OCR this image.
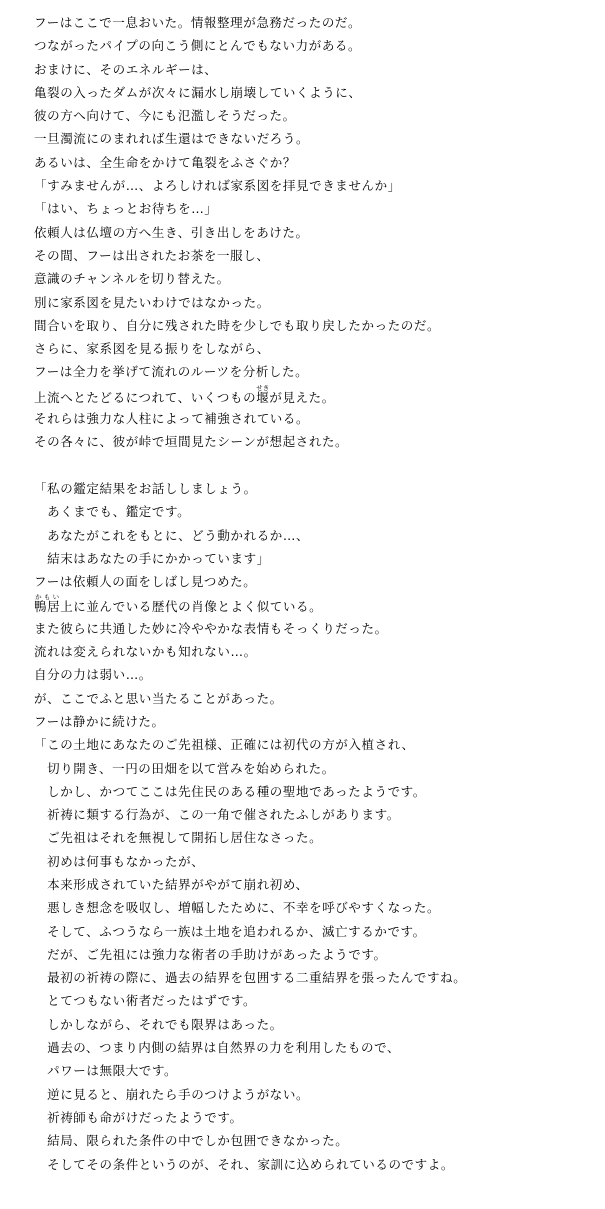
フーはここで一息おいた。情報整理が急務だったのだ。
つながったパイプの向こう側にとんでもない力がある。
おまけに、そのエネルギーは、
亀裂の入ったダムが次々に漏水し崩壊していくように、
彼の方へ向けて、今にも氾濫しそうだった。
一旦濁流にのまれれば生還はできないだろう。
あるいは、全生命をかけて亀裂をふさぐか？
「すみませんが…、よろしければ家系図を拝見できませんか」
「はい、ちょっとお待ちを…」
依頼人は仏壇の方へ生き、引き出しをあけた。
その間、フーは出されたお茶を一服し、
意識のチャンネルを切り替えた。
別に家系図を見たいわけではなかった。
間合いを取り、自分に残された時を少しでも取り戻したかったのだ。
さらに、家系図を見る振りをしながら、
フーは全力を挙げて流れのルーツを分析した。
上流へとたどるにつれて、いくつもの堰せきが見えた。
それらは強力な人柱によって補強されている。
その各々に、彼が峠で垣間見たシーンが想起された。
「私の鑑定結果をお話ししましょう。
　あくまでも、鑑定です。
　あなたがこれをもとに、どう動かれるか…、
　結末はあなたの手にかかっています」
フーは依頼人の面をしばし見つめた。
鴨居かもい上に並んでいる歴代の肖像とよく似ている。
また彼らに共通した妙に冷ややかな表情もそっくりだった。
流れは変えられないかも知れない…。
自分の力は弱い…。
が、ここでふと思い当たることがあった。
フーは静かに続けた。
「この土地にあなたのご先祖様、正確には初代の方が入植され、
　切り開き、一円の田畑を以て営みを始められた。
　しかし、かつてここは先住民のある種の聖地であったようです。
　祈祷に類する行為が、この一角で催されたふしがあります。
　ご先祖はそれを無視して開拓し居住なさった。
　初めは何事もなかったが、
　本来形成されていた結界がやがて崩れ初め、
　悪しき想念を吸収し、増幅したために、不幸を呼びやすくなった。
　そして、ふつうなら一族は土地を追われるか、滅亡するかです。
　だが、ご先祖には強力な術者の手助けがあったようです。
　最初の祈祷の際に、過去の結界を包囲する二重結界を張ったんですね。
　とてつもない術者だったはずです。
　しかしながら、それでも限界はあった。
　過去の、つまり内側の結界は自然界の力を利用したもので、
　パワーは無限大です。
　逆に見ると、崩れたら手のつけようがない。
　祈祷師も命がけだったようです。
　結局、限られた条件の中でしか包囲できなかった。
　そしてその条件というのが、それ、家訓に込められているのですよ。
